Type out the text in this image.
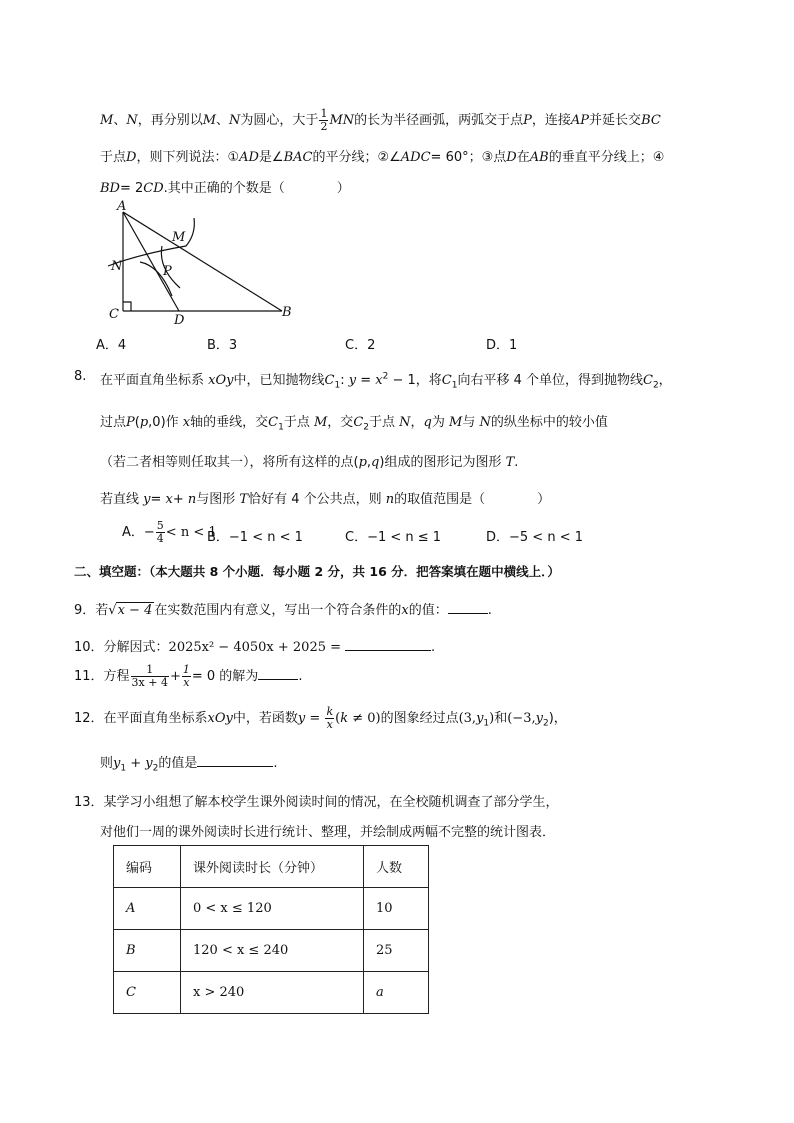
M、N，再分别以M、N为圆心，大于 $\frac{1}{2}$ MN的长为半径画弧，两弧交于点P，连接AP并延长交BC
于点D，则下列说法：①AD是∠BAC的平分线；②∠ADC= 60°；③点D在AB的垂直平分线上；④
BD= 2CD.其中正确的个数是（　　　　）
A
M
N	P
C	D
B
A．4	B．3	C．2	D．1
8. 在平面直角坐标系 xOy中，已知抛物线$C_1$: $y = x^2 - 1$，将$C_1$向右平移 4 个单位，得到抛物线$C_2$，
过点P(p,0)作 x轴的垂线，交$C_1$于点 M，交$C_2$于点 N，q为 M与 N的纵坐标中的较小值
（若二者相等则任取其一），将所有这样的点(p,q)组成的图形记为图形 T.
若直线 y= x+ n与图形 T恰好有 4 个公共点，则 n的取值范围是（　　　　）
A．− $\frac{5}{4} < n < 1$
B．−1 < n < 1	C．−1 < n ≤ 1	D．−5 < n < 1
二、填空题：（本大题共 8 个小题．每小题 2 分，共 16 分．把答案填在题中横线上．）
9．若√x − 4 在实数范围内有意义，写出一个符合条件的x的值：	.
10．分解因式：2025x² − 4050x + 2025 =	.
11．方程 $\frac{1}{3x + 4} + \frac{1}{x} = 0$ 的解为	.
12．在平面直角坐标系xOy中，若函数$y = \frac{k}{x} (k \ne 0)$的图象经过点$(3,y_1)$和$(-3,y_2)$，
则$y_1 + y_2$的值是	.
13．某学习小组想了解本校学生课外阅读时间的情况，在全校随机调查了部分学生，
对他们一周的课外阅读时长进行统计、整理，并绘制成两幅不完整的统计图表．
编码	课外阅读时长（分钟）	人数
A	0 < x ≤ 120	10
B	120 < x ≤ 240	25
C	x > 240	a
